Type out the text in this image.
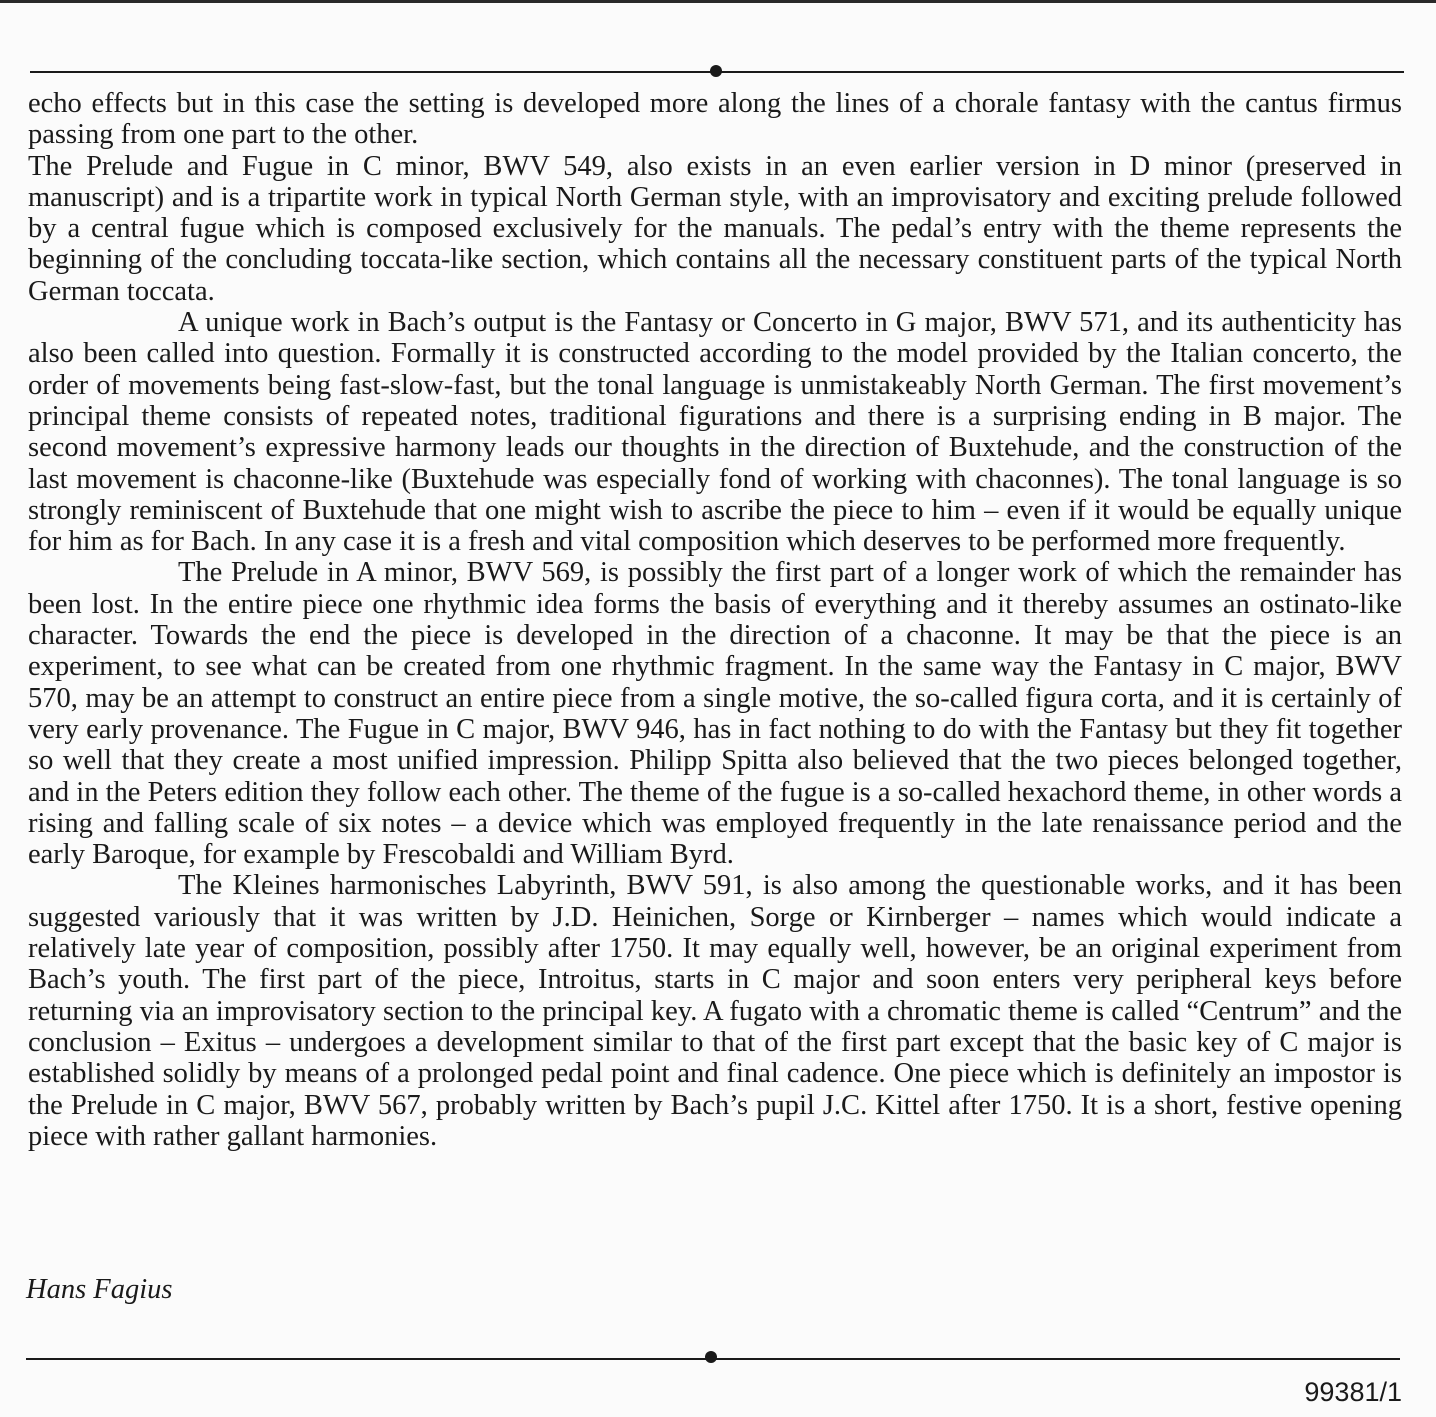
echo effects but in this case the setting is developed more along the lines of a chorale fantasy with the cantus firmus passing from one part to the other.

The Prelude and Fugue in C minor, BWV 549, also exists in an even earlier version in D minor (preserved in manuscript) and is a tripartite work in typical North German style, with an improvisatory and exciting prelude followed by a central fugue which is composed exclusively for the manuals. The pedal’s entry with the theme represents the beginning of the concluding toccata-like section, which contains all the necessary constituent parts of the typical North German toccata.

A unique work in Bach’s output is the Fantasy or Concerto in G major, BWV 571, and its authenticity has also been called into question. Formally it is constructed according to the model provided by the Italian concerto, the order of movements being fast-slow-fast, but the tonal language is unmistakeably North German. The first movement’s principal theme consists of repeated notes, traditional figurations and there is a surprising ending in B major. The second movement’s expressive harmony leads our thoughts in the direction of Buxtehude, and the construction of the last movement is chaconne-like (Buxtehude was especially fond of working with chaconnes). The tonal language is so strongly reminiscent of Buxtehude that one might wish to ascribe the piece to him – even if it would be equally unique for him as for Bach. In any case it is a fresh and vital composition which deserves to be performed more frequently.

The Prelude in A minor, BWV 569, is possibly the first part of a longer work of which the remainder has been lost. In the entire piece one rhythmic idea forms the basis of everything and it thereby assumes an ostinato-like character. Towards the end the piece is developed in the direction of a chaconne. It may be that the piece is an experiment, to see what can be created from one rhythmic fragment. In the same way the Fantasy in C major, BWV 570, may be an attempt to construct an entire piece from a single motive, the so-called figura corta, and it is certainly of very early provenance. The Fugue in C major, BWV 946, has in fact nothing to do with the Fantasy but they fit together so well that they create a most unified impression. Philipp Spitta also believed that the two pieces belonged together, and in the Peters edition they follow each other. The theme of the fugue is a so-called hexachord theme, in other words a rising and falling scale of six notes – a device which was employed frequently in the late renaissance period and the early Baroque, for example by Frescobaldi and William Byrd.

The Kleines harmonisches Labyrinth, BWV 591, is also among the questionable works, and it has been suggested variously that it was written by J.D. Heinichen, Sorge or Kirnberger – names which would indicate a relatively late year of composition, possibly after 1750. It may equally well, however, be an original experiment from Bach’s youth. The first part of the piece, Introitus, starts in C major and soon enters very peripheral keys before returning via an improvisatory section to the principal key. A fugato with a chromatic theme is called “Centrum” and the conclusion – Exitus – undergoes a development similar to that of the first part except that the basic key of C major is established solidly by means of a prolonged pedal point and final cadence. One piece which is definitely an impostor is the Prelude in C major, BWV 567, probably written by Bach’s pupil J.C. Kittel after 1750. It is a short, festive opening piece with rather gallant harmonies.

Hans Fagius
99381/1
